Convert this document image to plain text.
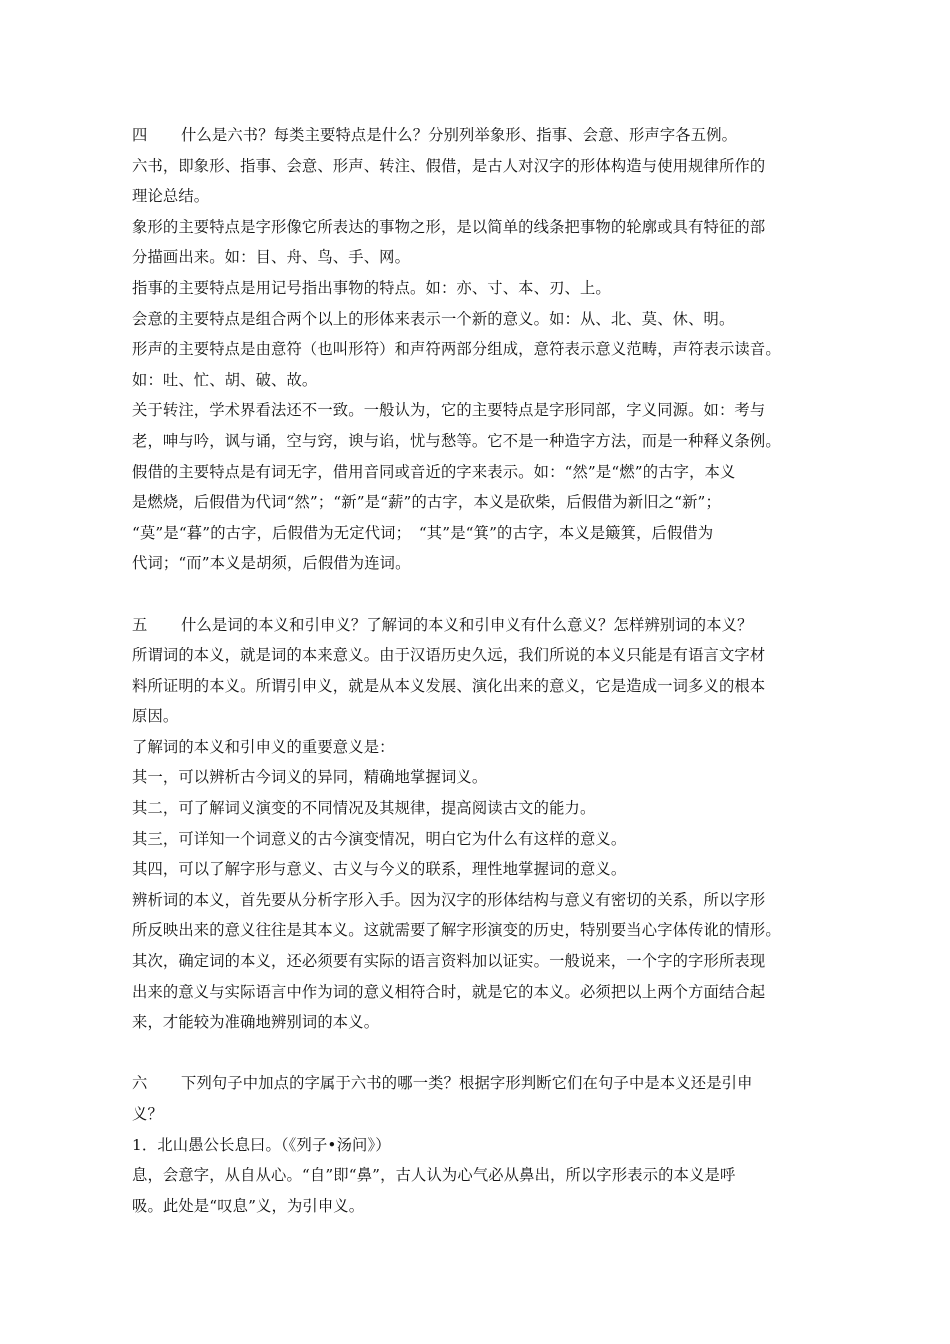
四 什么是六书？每类主要特点是什么？分别列举象形、指事、会意、形声字各五例。
六书，即象形、指事、会意、形声、转注、假借，是古人对汉字的形体构造与使用规律所作的
理论总结。
象形的主要特点是字形像它所表达的事物之形，是以简单的线条把事物的轮廓或具有特征的部
分描画出来。如：目、舟、鸟、手、网。
指事的主要特点是用记号指出事物的特点。如：亦、寸、本、刃、上。
会意的主要特点是组合两个以上的形体来表示一个新的意义。如：从、北、莫、休、明。
形声的主要特点是由意符（也叫形符）和声符两部分组成，意符表示意义范畴，声符表示读音。
如：吐、忙、胡、破、故。
关于转注，学术界看法还不一致。一般认为，它的主要特点是字形同部，字义同源。如：考与
老，呻与吟，讽与诵，空与窍，谀与谄，忧与愁等。它不是一种造字方法，而是一种释义条例。
假借的主要特点是有词无字，借用音同或音近的字来表示。如：“然”是“燃”的古字，本义
是燃烧，后假借为代词“然”；“新”是“薪”的古字，本义是砍柴，后假借为新旧之“新”；
“莫”是“暮”的古字，后假借为无定代词；　“其”是“箕”的古字，本义是簸箕，后假借为
代词；“而”本义是胡须，后假借为连词。
五 什么是词的本义和引申义？了解词的本义和引申义有什么意义？怎样辨别词的本义？
所谓词的本义，就是词的本来意义。由于汉语历史久远，我们所说的本义只能是有语言文字材
料所证明的本义。所谓引申义，就是从本义发展、演化出来的意义，它是造成一词多义的根本
原因。
了解词的本义和引申义的重要意义是：
其一，可以辨析古今词义的异同，精确地掌握词义。
其二，可了解词义演变的不同情况及其规律，提高阅读古文的能力。
其三，可详知一个词意义的古今演变情况，明白它为什么有这样的意义。
其四，可以了解字形与意义、古义与今义的联系，理性地掌握词的意义。
辨析词的本义，首先要从分析字形入手。因为汉字的形体结构与意义有密切的关系，所以字形
所反映出来的意义往往是其本义。这就需要了解字形演变的历史，特别要当心字体传讹的情形。
其次，确定词的本义，还必须要有实际的语言资料加以证实。一般说来，一个字的字形所表现
出来的意义与实际语言中作为词的意义相符合时，就是它的本义。必须把以上两个方面结合起
来，才能较为准确地辨别词的本义。
六 下列句子中加点的字属于六书的哪一类？根据字形判断它们在句子中是本义还是引申
义？
1．北山愚公长息曰。（《列子•汤问》）
息，会意字，从自从心。“自”即“鼻”，古人认为心气必从鼻出，所以字形表示的本义是呼
吸。此处是“叹息”义，为引申义。
